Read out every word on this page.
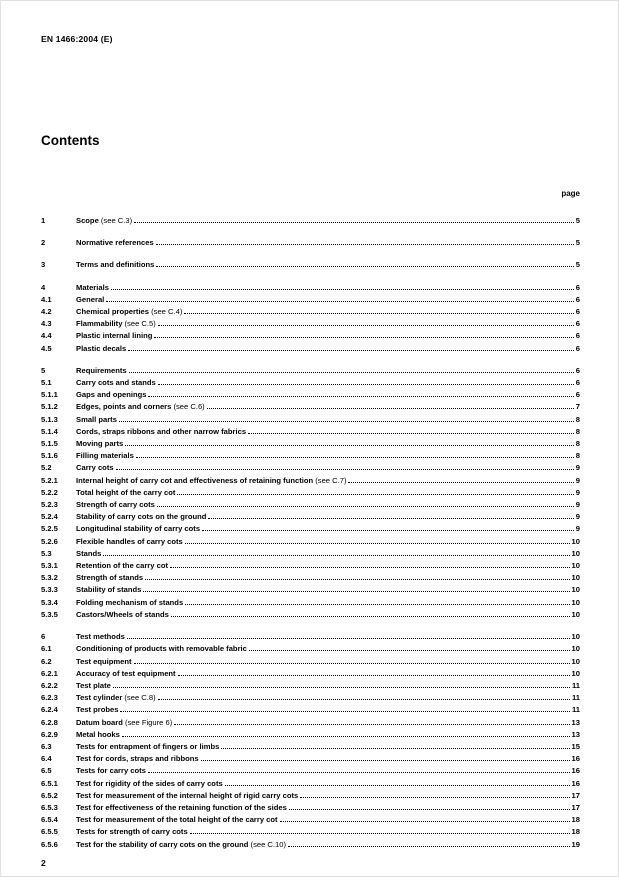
EN 1466:2004 (E)
Contents
page
1	Scope (see C.3)	5
2	Normative references	5
3	Terms and definitions	5
4	Materials	6
4.1	General	6
4.2	Chemical properties (see C.4)	6
4.3	Flammability (see C.5)	6
4.4	Plastic internal lining	6
4.5	Plastic decals	6
5	Requirements	6
5.1	Carry cots and stands	6
5.1.1	Gaps and openings	6
5.1.2	Edges, points and corners (see C.6)	7
5.1.3	Small parts	8
5.1.4	Cords, straps ribbons and other narrow fabrics	8
5.1.5	Moving parts	8
5.1.6	Filling materials	8
5.2	Carry cots	9
5.2.1	Internal height of carry cot and effectiveness of retaining function (see C.7)	9
5.2.2	Total height of the carry cot	9
5.2.3	Strength of carry cots	9
5.2.4	Stability of carry cots on the ground	9
5.2.5	Longitudinal stability of carry cots	9
5.2.6	Flexible handles of carry cots	10
5.3	Stands	10
5.3.1	Retention of the carry cot	10
5.3.2	Strength of stands	10
5.3.3	Stability of stands	10
5.3.4	Folding mechanism of stands	10
5.3.5	Castors/Wheels of stands	10
6	Test methods	10
6.1	Conditioning of products with removable fabric	10
6.2	Test equipment	10
6.2.1	Accuracy of test equipment	10
6.2.2	Test plate	11
6.2.3	Test cylinder (see C.8)	11
6.2.4	Test probes	11
6.2.8	Datum board (see Figure 6)	13
6.2.9	Metal hooks	13
6.3	Tests for entrapment of fingers or limbs	15
6.4	Test for cords, straps and ribbons	16
6.5	Tests for carry cots	16
6.5.1	Test for rigidity of the sides of carry cots	16
6.5.2	Test for measurement of the internal height of rigid carry cots	17
6.5.3	Test for effectiveness of the retaining function of the sides	17
6.5.4	Test for measurement of the total height of the carry cot	18
6.5.5	Tests for strength of carry cots	18
6.5.6	Test for the stability of carry cots on the ground (see C.10)	19
2
